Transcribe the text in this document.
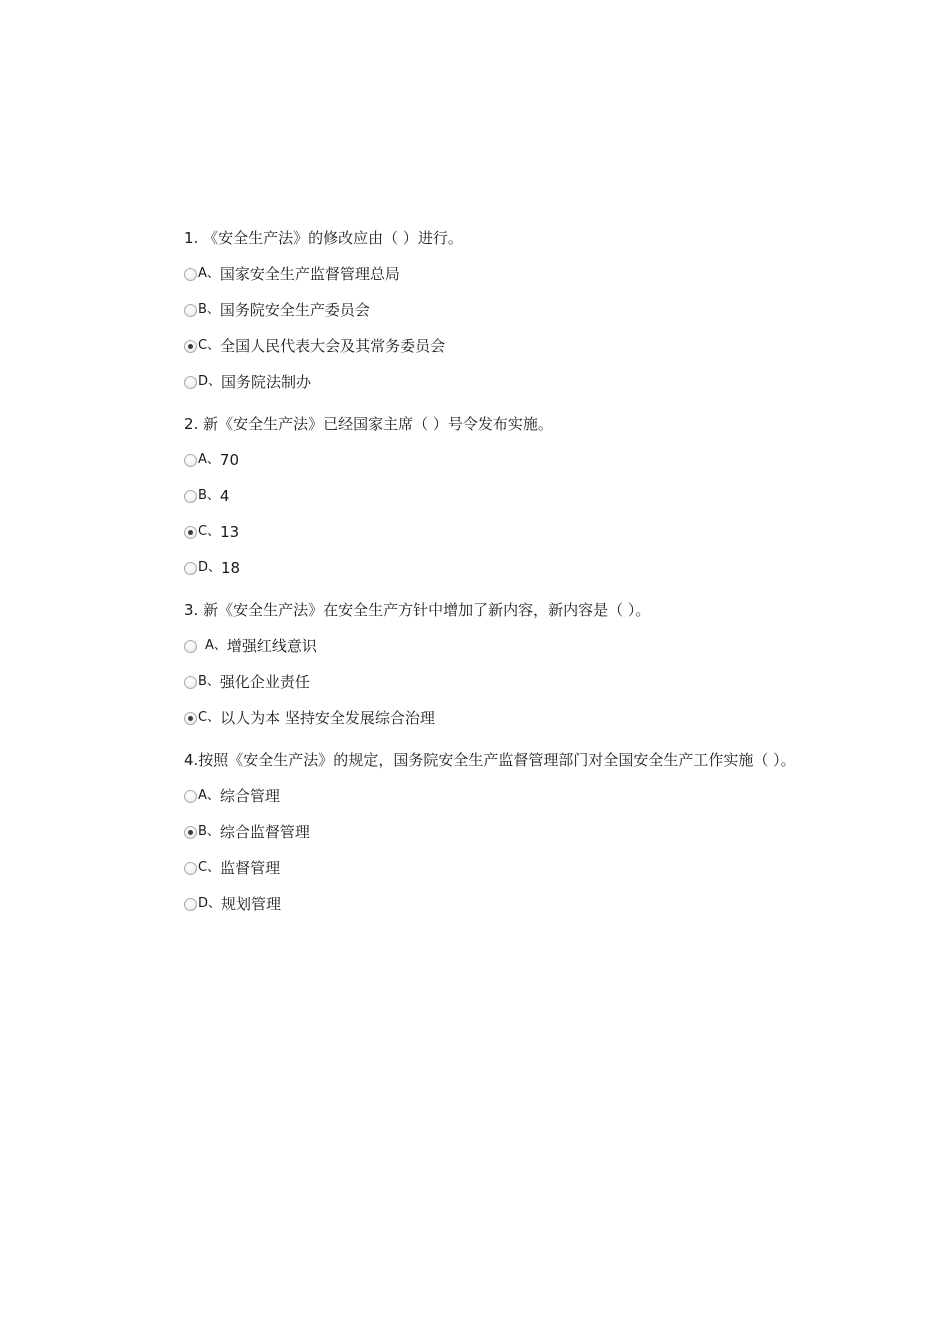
1. 《安全生产法》的修改应由（ ）进行。
A、 国家安全生产监督管理总局
B、 国务院安全生产委员会
C、 全国人民代表大会及其常务委员会
D、 国务院法制办
2. 新《安全生产法》已经国家主席（ ）号令发布实施。
A、 70
B、 4
C、 13
D、 18
3. 新《安全生产法》在安全生产方针中增加了新内容，新内容是（ ）。
A、 增强红线意识
B、 强化企业责任
C、 以人为本 坚持安全发展综合治理
4.按照《安全生产法》的规定，国务院安全生产监督管理部门对全国安全生产工作实施（ ）。
A、 综合管理
B、 综合监督管理
C、 监督管理
D、 规划管理
